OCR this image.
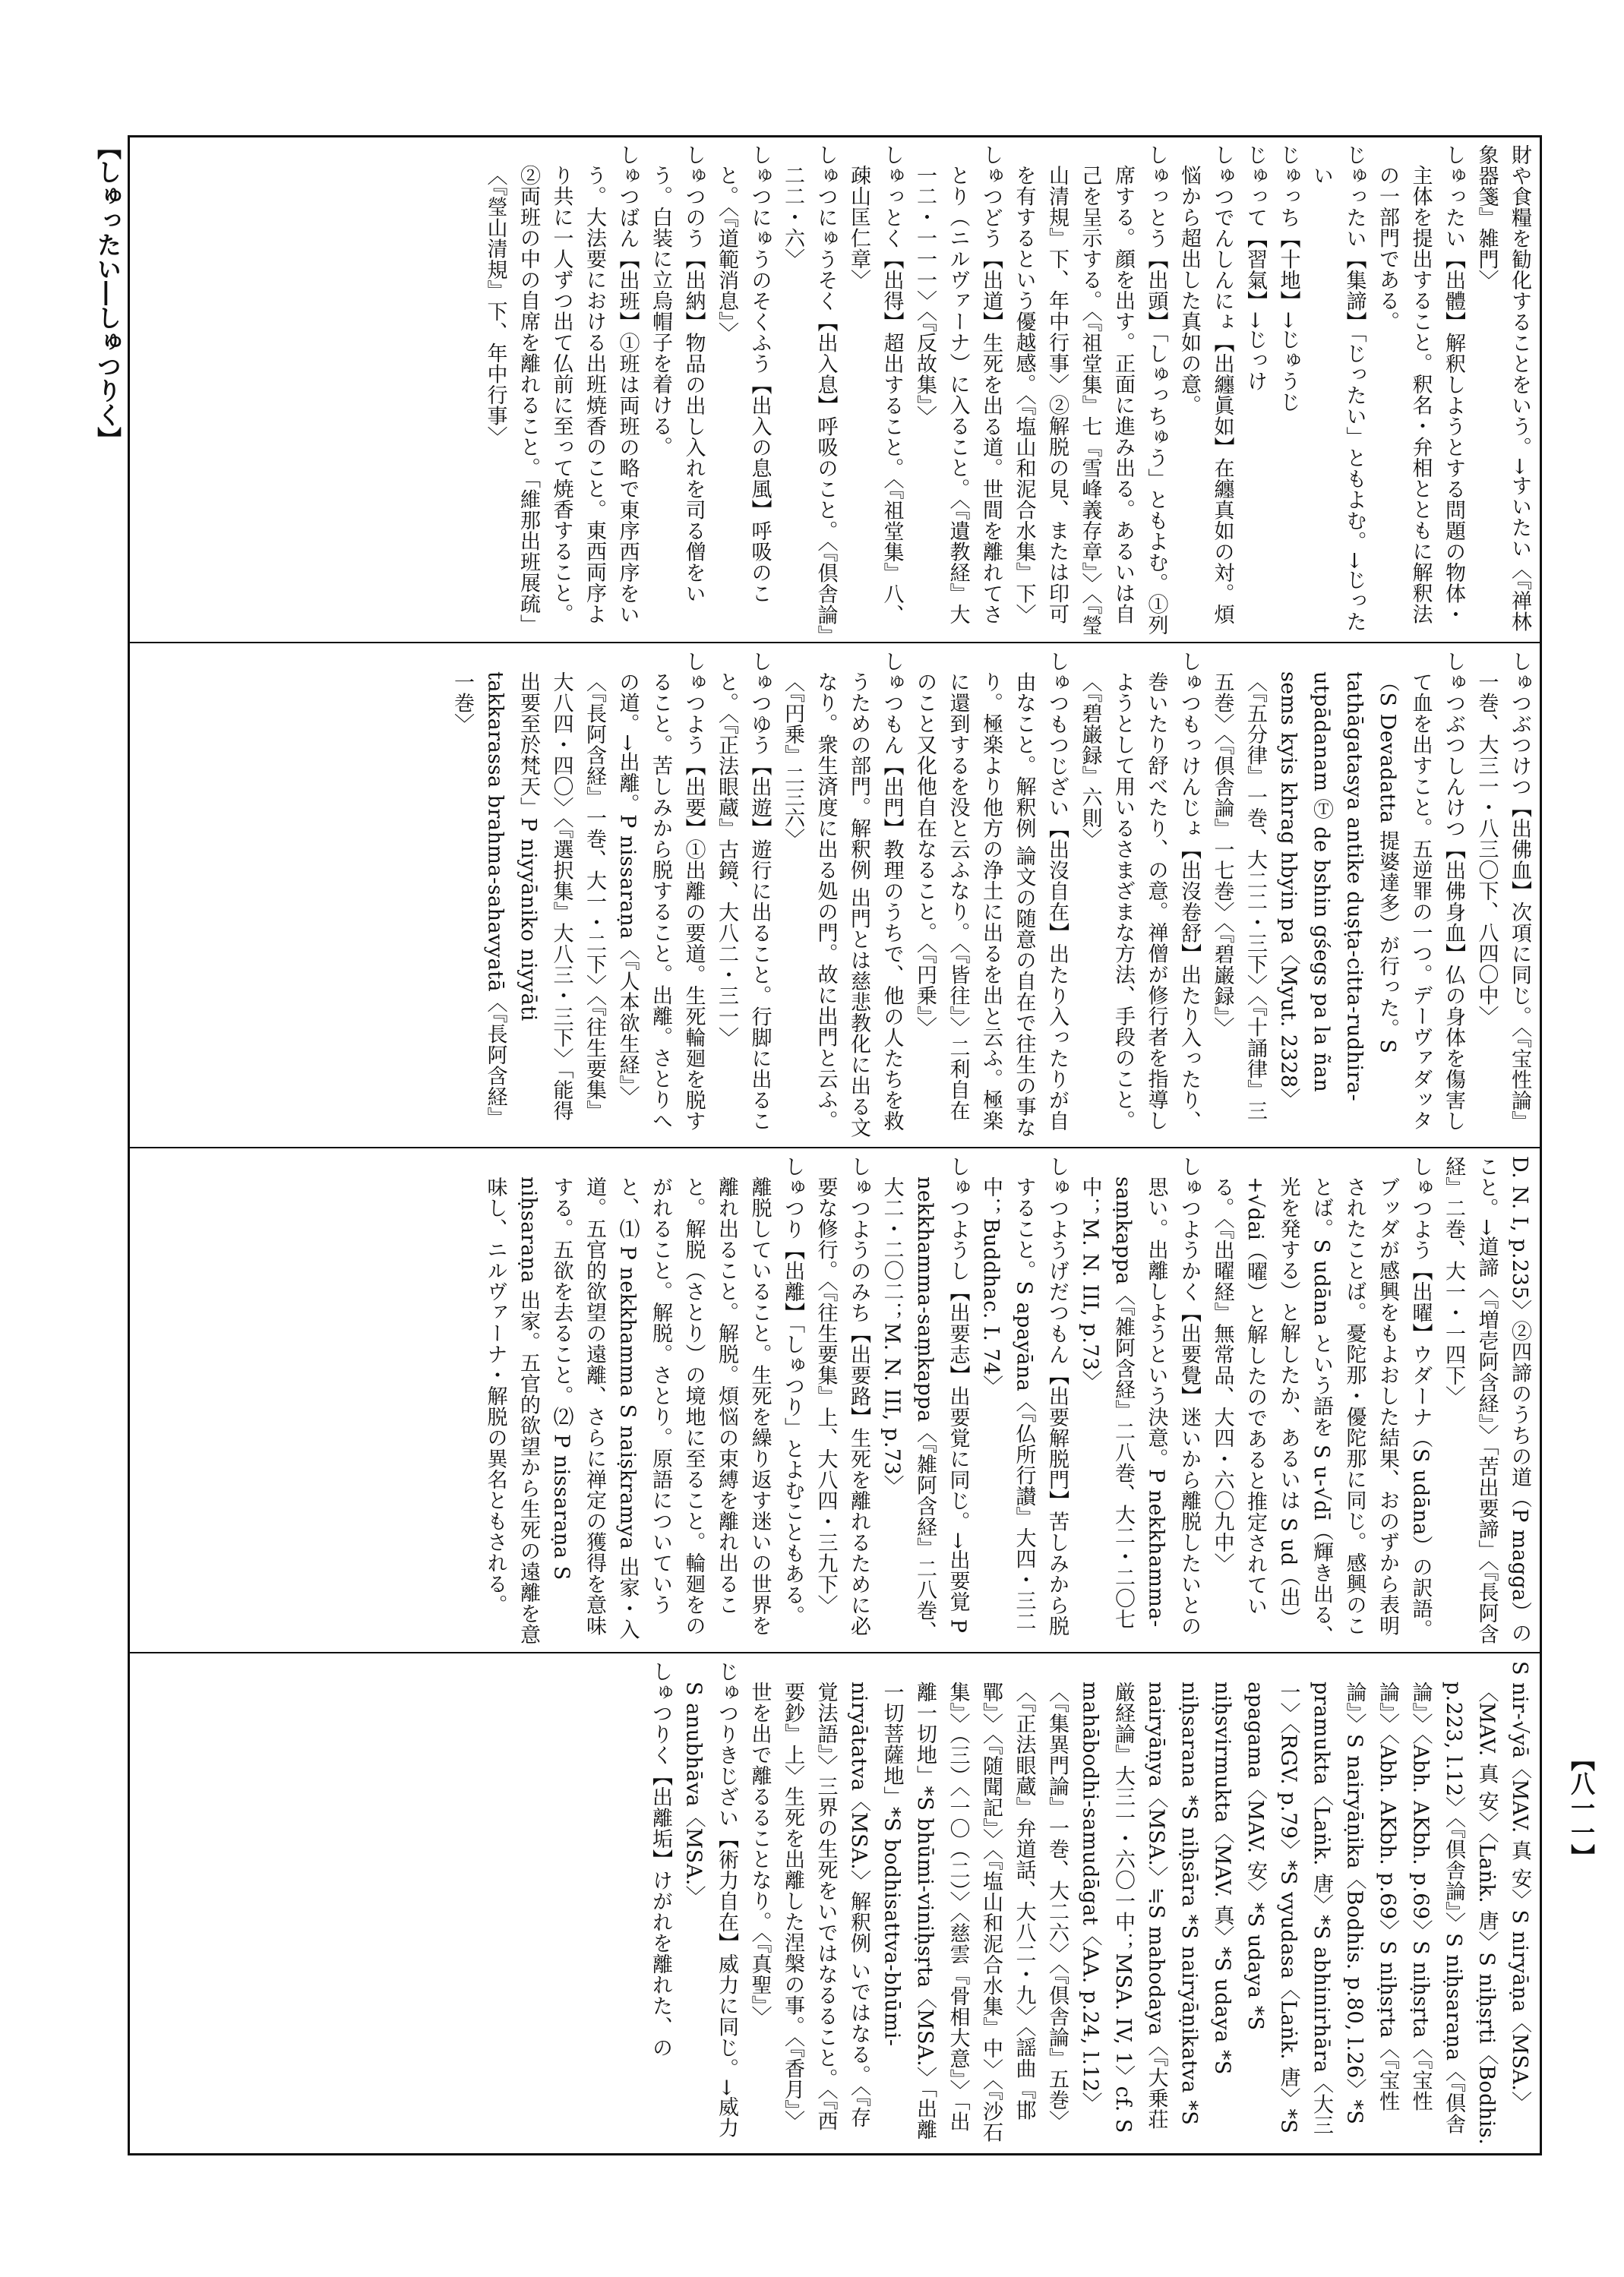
【しゅったい―しゅつりく】
【八一一】

財や食糧を勧化することをいう。→すいたい〈『禅林象器箋』雑門〉

しゅったい【出體】解釈しようとする問題の物体・主体を提出すること。釈名・弁相とともに解釈法の一部門である。

じゅったい【集諦】「じったい」ともよむ。→じったい

じゅっち【十地】→じゅうじ

じゅって【習氣】→じっけ

しゅつでんしんにょ【出纏眞如】在纏真如の対。煩悩から超出した真如の意。

しゅっとう【出頭】「しゅっちゅう」ともよむ。①列席する。顔を出す。正面に進み出る。あるいは自己を呈示する。〈『祖堂集』七『雪峰義存章』〉〈『瑩山清規』下、年中行事〉②解脱の見、または印可を有するという優越感。〈『塩山和泥合水集』下〉

しゅつどう【出道】生死を出る道。世間を離れてさとり（ニルヴァーナ）に入ること。〈『遺教経』大一二・一一一〉〈『反故集』〉

しゅっとく【出得】超出すること。〈『祖堂集』八、疎山匡仁章〉

しゅつにゅうそく【出入息】呼吸のこと。〈『倶舎論』二二・六〉

しゅつにゅうのそくふう【出入の息風】呼吸のこと。〈『道範消息』〉

しゅつのう【出納】物品の出し入れを司る僧をいう。白装に立烏帽子を着ける。

しゅつばん【出班】①班は両班の略で東序西序をいう。大法要における出班焼香のこと。東西両序より共に一人ずつ出て仏前に至って焼香すること。②両班の中の自席を離れること。「維那出班展疏」〈『瑩山清規』下、年中行事〉

しゅつぶつけつ【出佛血】次項に同じ。〈『宝性論』一巻、大三一・八三〇下、八四〇中〉

しゅつぶつしんけつ【出佛身血】仏の身体を傷害して血を出すこと。五逆罪の一つ。デーヴァダッタ（S Devadatta 提婆達多）が行った。S tathāgatasya antike duṣṭa-citta-rudhira-utpādanam Ⓣ de bshin gśegs pa la ñan sems kyis khrag hbyin pa〈Myut. 2328〉〈『五分律』一巻、大二二・三下〉〈『十誦律』三五巻〉〈『倶舎論』一七巻〉〈『碧巌録』〉

しゅつもっけんじょ【出沒卷舒】出たり入ったり、巻いたり舒べたり、の意。禅僧が修行者を指導しようとして用いるさまざまな方法、手段のこと。〈『碧巌録』六則〉

しゅつもつじざい【出沒自在】出たり入ったりが自由なこと。解釈例 論文の随意の自在で往生の事なり。極楽より他方の浄土に出るを出と云ふ。極楽に還到するを没と云ふなり。〈『皆往』〉二利自在のこと又化他自在なること。〈『円乗』〉

しゅつもん【出門】教理のうちで、他の人たちを救うための部門。解釈例 出門とは慈悲教化に出る文なり。衆生済度に出る処の門。故に出門と云ふ。〈『円乗』二三六〉

しゅつゆう【出遊】遊行に出ること。行脚に出ること。〈『正法眼蔵』古鏡、大八二・三一〉

しゅつよう【出要】①出離の要道。生死輪廻を脱すること。苦しみから脱すること。出離。さとりへの道。→出離。P nissaraṇa〈『人本欲生経』〉〈『長阿含経』一巻、大一・二下〉〈『往生要集』大八四・四〇〉〈『選択集』大八三・三下〉「能得出要至於梵天」P niyyāniko niyyāti takkarassa brahma-sahavyatā〈『長阿含経』一巻〉

D. N. I, p.235〉②四諦のうちの道（P magga）のこと。→道諦〈『増壱阿含経』〉「苦出要諦」〈『長阿含経』二巻、大一・一四下〉

しゅつよう【出曜】ウダーナ（S udāna）の訳語。ブッダが感興をもよおした結果、おのずから表明されたことば。憂陀那・優陀那に同じ。感興のことば。S udāna という語を S u-√dī（輝き出る、光を発する）と解したか、あるいは S ud（出）+√dai（曜）と解したのであると推定されている。〈『出曜経』無常品、大四・六〇九中〉

しゅつようかく【出要覺】迷いから離脱したいとの思い。出離しようという決意。P nekkhamma-saṃkappa〈『雑阿含経』二八巻、大二・二〇七中；M. N. III, p.73〉

しゅつようげだつもん【出要解脱門】苦しみから脱すること。S apayāna〈『仏所行讃』大四・三二中；Buddhac. I. 74〉

しゅつようし【出要志】出要覚に同じ。→出要覚 P nekkhamma-saṃkappa〈『雑阿含経』二八巻、大二・二〇二；M. N. III, p.73〉

しゅつようのみち【出要路】生死を離れるために必要な修行。〈『往生要集』上、大八四・三九下〉

しゅつり【出離】「しゅつり」とよむこともある。離脱していること。生死を繰り返す迷いの世界を離れ出ること。解脱。煩悩の束縛を離れ出ること。解脱（さとり）の境地に至ること。輪廻をのがれること。解脱。さとり。原語についていうと、⑴ P nekkhamma S naiṣkramya 出家・入道。五官的欲望の遠離、さらに禅定の獲得を意味する。五欲を去ること。⑵ P nissaraṇa S niḥsaraṇa 出家。五官的欲望から生死の遠離を意味し、ニルヴァーナ・解脱の異名ともされる。

S nir-√yā〈MAV. 真 安〉S niryāṇa〈MSA.〉〈MAV. 真 安〉〈Laṅk. 唐〉S niḥsṛti〈Bodhis. p.223, l.12〉〈『倶舎論』〉S niḥsaraṇa〈『倶舎論』〉〈Abh. AKbh. p.69〉S niḥsṛta〈『宝性論』〉〈Abh. AKbh. p.69〉S niḥsṛta〈『宝性論』〉S nairyāṇika〈Bodhis. p.80, l.26〉*S pramukta〈Laṅk. 唐〉*S abhinirhāra〈大三一〉〈RGV. p.79〉*S vyudasa〈Laṅk. 唐〉*S apagama〈MAV. 安〉*S udaya *S niḥsvirmukta〈MAV. 真〉*S udaya *S niḥsarana *S niḥsāra *S nairyāṇikatva *S nairyāṇya〈MSA.〉≒S mahodaya〈『大乗荘厳経論』大三一・六〇一中；MSA. IV, 1〉cf. S mahābodhi-samudāgat〈AA. p.24, l.12〉〈『集異門論』一巻、大二六〉〈『倶舎論』五巻〉〈『正法眼蔵』弁道話、大八二・九〉〈謡曲『邯鄲』〉〈『随聞記』〉〈『塩山和泥合水集』中〉〈『沙石集』〉（三）〈一〇（二）〉〈慈雲『骨相大意』〉「出離一切地」*S bhūmi-viniḥsṛta〈MSA.〉「出離一切菩薩地」*S bodhisattva-bhūmi-niryātatva〈MSA.〉解釈例 いではなる。〈『存覚法語』〉三界の生死をいではなるること。〈『西要鈔』上〉生死を出離した涅槃の事。〈『香月』〉世を出で離るることなり。〈『真聖』〉

じゅつりきじざい【術力自在】威力に同じ。→威力 S anubhāva〈MSA.〉

しゅつりく【出離垢】けがれを離れた、の
